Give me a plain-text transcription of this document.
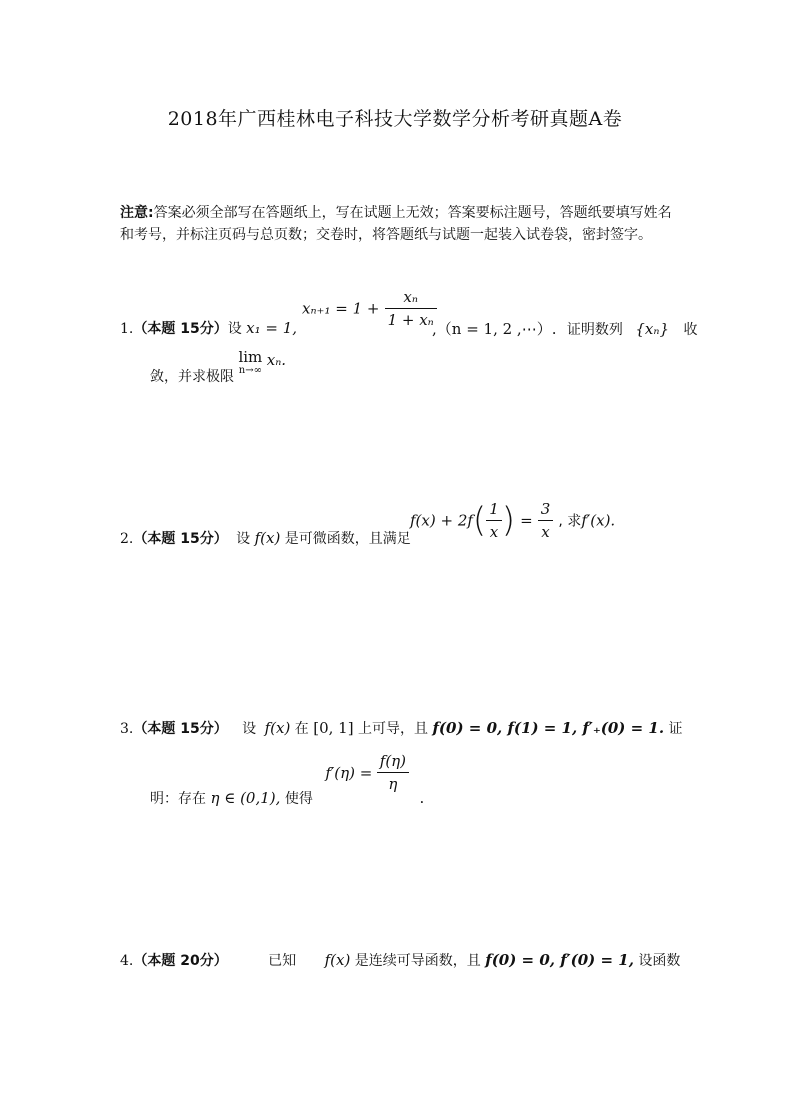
2018年广西桂林电子科技大学数学分析考研真题A卷
注意:答案必须全部写在答题纸上，写在试题上无效；答案要标注题号，答题纸要填写姓名和考号，并标注页码与总页数；交卷时，将答题纸与试题一起装入试卷袋，密封签字。
1.（本题 15分）设 x₁ = 1,
$x_{n+1} = 1 + \frac{\text{xₙ}}{\text{1 + xₙ}}$
,（n = 1, 2 ,⋯）. 证明数列 {xₙ} 收
敛，并求极限
lim
n→∞
xₙ.
2.（本题 15分） 设 f(x) 是可微函数，且满足
$f(x) + 2f( \frac{1}{x}$ ) = $\frac{3}{x}$ , 求f′(x).
3.（本题 15分） 设 f(x) 在 [0, 1] 上可导，且 f(0) = 0, f(1) = 1, f′₊(0) = 1. 证
明：存在 η ∈ (0,1), 使得 $f'(\eta) = \frac{f(\eta)}{\eta}$
.
4.（本题 20分）	已知 f(x) 是连续可导函数，且 f(0) = 0, f′(0) = 1, 设函数
